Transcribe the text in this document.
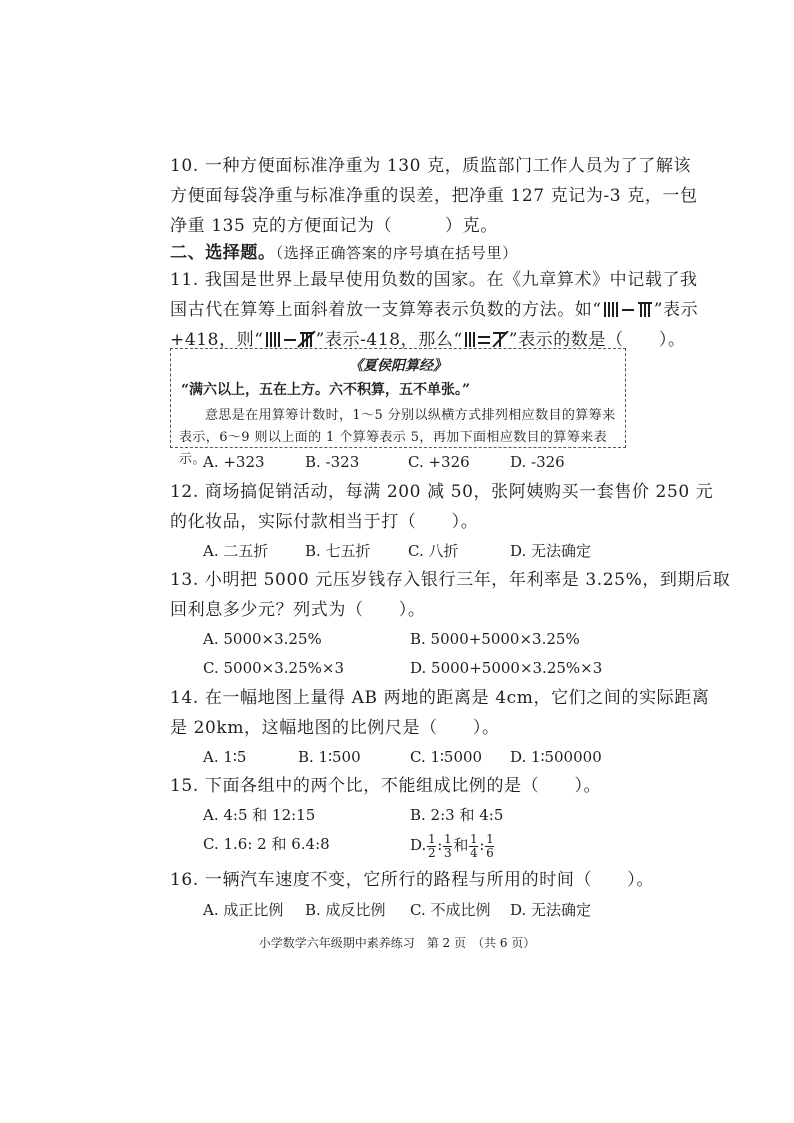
10. 一种方便面标准净重为 130 克，质监部门工作人员为了了解该
方便面每袋净重与标准净重的误差，把净重 127 克记为-3 克，一包
净重 135 克的方便面记为（　　　）克。
二、选择题。（选择正确答案的序号填在括号里）
11. 我国是世界上最早使用负数的国家。在《九章算术》中记载了我
国古代在算筹上面斜着放一支算筹表示负数的方法。如“	”表示
+418，则“	”表示-418，那么“	”表示的数是（　　）。
《夏侯阳算经》
“满六以上，五在上方。六不积算，五不单张。”
意思是在用算筹计数时，1～5 分别以纵横方式排列相应数目的算筹来表示，6～9 则以上面的 1 个算筹表示 5，再加下面相应数目的算筹来表示。
A. +323	B. -323	C. +326	D. -326
12. 商场搞促销活动，每满 200 减 50，张阿姨购买一套售价 250 元
的化妆品，实际付款相当于打（　　）。
A. 二五折 B. 七五折 C. 八折	D. 无法确定
13. 小明把 5000 元压岁钱存入银行三年，年利率是 3.25%，到期后取
回利息多少元？列式为（　　）。
A. 5000×3.25%	B. 5000+5000×3.25%
C. 5000×3.25%×3	D. 5000+5000×3.25%×3
14. 在一幅地图上量得 AB 两地的距离是 4cm，它们之间的实际距离
是 20km，这幅地图的比例尺是（　　）。
A. 1∶5	B. 1∶500	C. 1∶5000 D. 1∶500000
15. 下面各组中的两个比，不能组成比例的是（　　）。
A. 4:5 和 12:15	B. 2:3 和 4:5
C. 1.6: 2 和 6.4:8	D. $\frac{1}{2}$ : $\frac{1}{3}$ 和 $\frac{1}{4}$ : $\frac{1}{6}$
16. 一辆汽车速度不变，它所行的路程与所用的时间（　　）。
A. 成正比例 B. 成反比例 C. 不成比例 D. 无法确定
小学数学六年级期中素养练习　第 2 页　（共 6 页）
